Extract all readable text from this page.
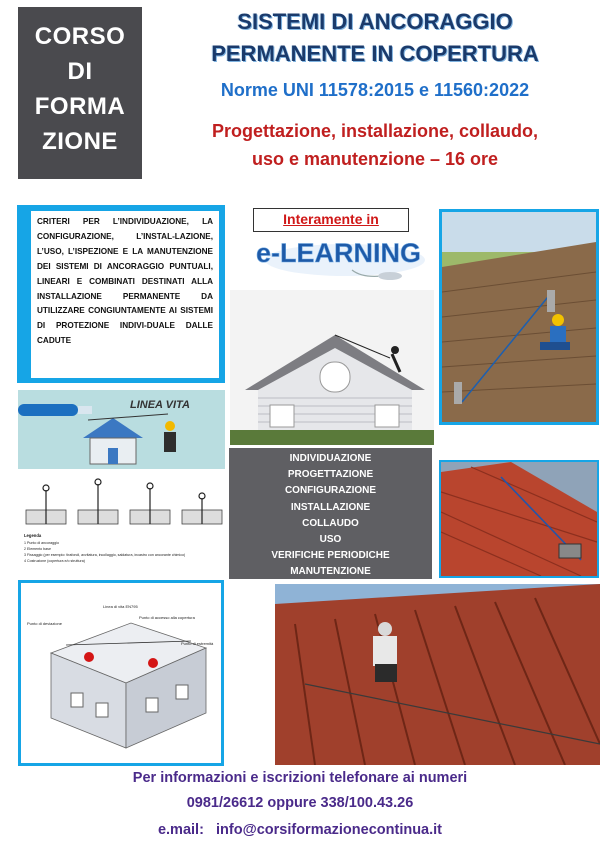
CORSO
DI
FORMA
ZIONE
SISTEMI DI ANCORAGGIO
PERMANENTE IN COPERTURA
Norme UNI 11578:2015 e 11560:2022
Progettazione, installazione, collaudo,
uso e manutenzione – 16 ore
CRITERI PER L’INDIVIDUAZIONE, LA CONFIGURAZIONE, L’INSTAL-LAZIONE, L’USO, L’ISPEZIONE E LA MANUTENZIONE DEI SISTEMI DI ANCORAGGIO PUNTUALI, LINEARI E COMBINATI DESTINATI ALLA INSTALLAZIONE PERMANENTE DA UTILIZZARE CONGIUNTAMENTE AI SISTEMI DI PROTEZIONE INDIVI-DUALE DALLE CADUTE
Interamente in
e-LEARNING
LINEA VITA
Legenda
1 Punto di ancoraggio
2 Elemento base
3 Fissaggio (per esempio: tirafondi, avvitatura, incollaggio, saldatura, incastro con ancorante chimico)
4 Costruzione (copertura e/o struttura)
INDIVIDUAZIONE
PROGETTAZIONE
CONFIGURAZIONE
INSTALLAZIONE
COLLAUDO
USO
VERIFICHE PERIODICHE
MANUTENZIONE
Linea di vita EN795
Punto di deviazione
Punto di accesso alla copertura
Punto di estremità
Per informazioni e iscrizioni telefonare ai numeri
0981/26612 oppure 338/100.43.26
e.mail: info@corsiformazionecontinua.it
